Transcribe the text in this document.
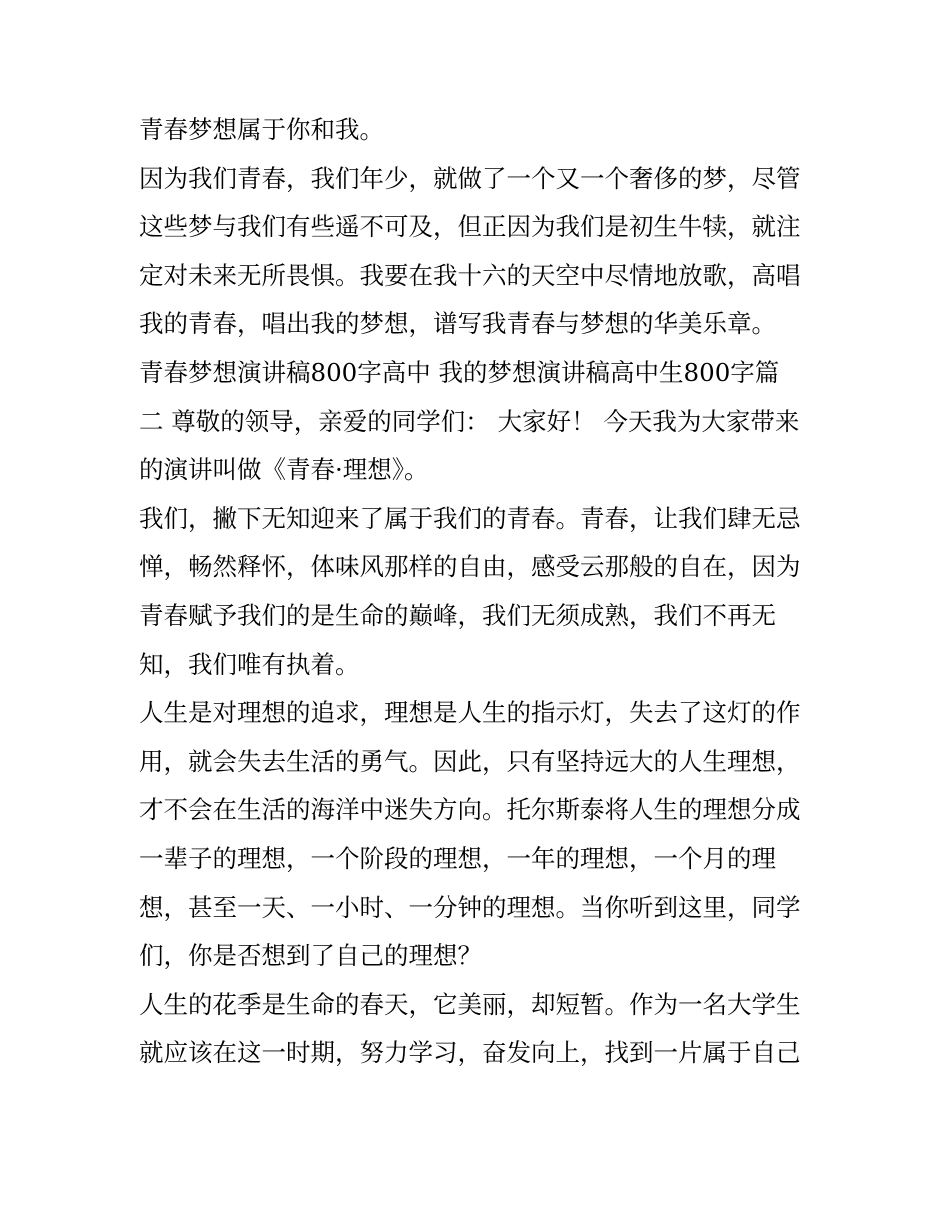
青春梦想属于你和我。
因为我们青春，我们年少，就做了一个又一个奢侈的梦，尽管
这些梦与我们有些遥不可及，但正因为我们是初生牛犊，就注
定对未来无所畏惧。我要在我十六的天空中尽情地放歌，高唱
我的青春，唱出我的梦想，谱写我青春与梦想的华美乐章。
青春梦想演讲稿800字高中 我的梦想演讲稿高中生800字篇
二 尊敬的领导，亲爱的同学们： 大家好！ 今天我为大家带来
的演讲叫做《青春·理想》。
我们，撇下无知迎来了属于我们的青春。青春，让我们肆无忌
惮，畅然释怀，体味风那样的自由，感受云那般的自在，因为
青春赋予我们的是生命的巅峰，我们无须成熟，我们不再无
知，我们唯有执着。
人生是对理想的追求，理想是人生的指示灯，失去了这灯的作
用，就会失去生活的勇气。因此，只有坚持远大的人生理想，
才不会在生活的海洋中迷失方向。托尔斯泰将人生的理想分成
一辈子的理想，一个阶段的理想，一年的理想，一个月的理
想，甚至一天、一小时、一分钟的理想。当你听到这里，同学
们，你是否想到了自己的理想？
人生的花季是生命的春天，它美丽，却短暂。作为一名大学生
就应该在这一时期，努力学习，奋发向上，找到一片属于自己
